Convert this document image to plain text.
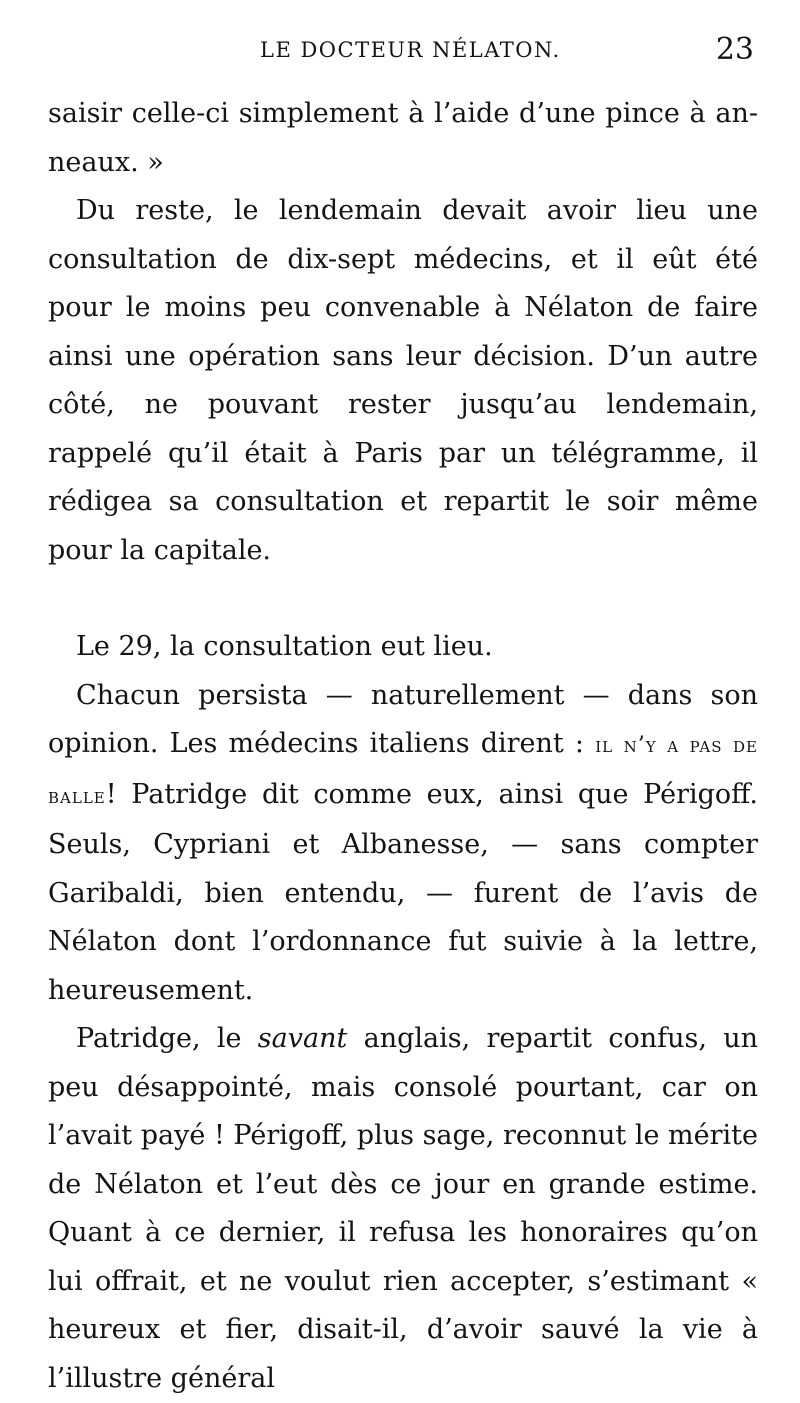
LE DOCTEUR NÉLATON.	23

saisir celle-ci simplement à l’aide d’une pince à an-neaux. »

Du reste, le lendemain devait avoir lieu une consultation de dix-sept médecins, et il eût été pour le moins peu convenable à Nélaton de faire ainsi une opération sans leur décision. D’un autre côté, ne pouvant rester jusqu’au lendemain, rappelé qu’il était à Paris par un télégramme, il rédigea sa consultation et repartit le soir même pour la capitale.

Le 29, la consultation eut lieu.

Chacun persista — naturellement — dans son opinion. Les médecins italiens dirent : il n’y a pas de balle! Patridge dit comme eux, ainsi que Périgoff. Seuls, Cypriani et Albanesse, — sans compter Garibaldi, bien entendu, — furent de l’avis de Nélaton dont l’ordonnance fut suivie à la lettre, heureusement.

Patridge, le savant anglais, repartit confus, un peu désappointé, mais consolé pourtant, car on l’avait payé ! Périgoff, plus sage, reconnut le mérite de Nélaton et l’eut dès ce jour en grande estime. Quant à ce dernier, il refusa les honoraires qu’on lui offrait, et ne voulut rien accepter, s’estimant « heureux et fier, disait-il, d’avoir sauvé la vie à l’illustre général
